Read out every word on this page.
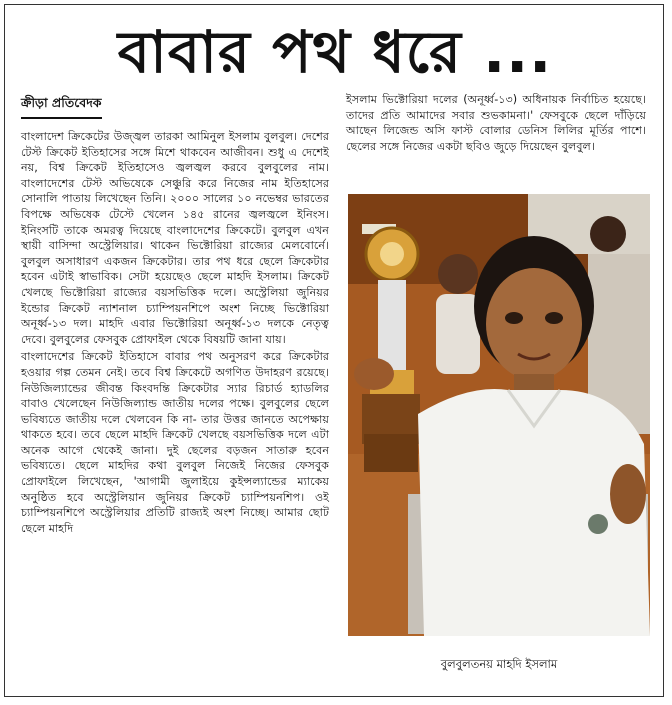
বাবার পথ ধরে ...
ক্রীড়া প্রতিবেদক

বাংলাদেশ ক্রিকেটের উজ্জ্বল তারকা আমিনুল ইসলাম বুলবুল। দেশের টেস্ট ক্রিকেট ইতিহাসের সঙ্গে মিশে থাকবেন আজীবন। শুধু এ দেশেই নয়, বিশ্ব ক্রিকেট ইতিহাসেও জ্বলজ্বল করবে বুলবুলের নাম। বাংলাদেশের টেস্ট অভিষেকে সেঞ্চুরি করে নিজের নাম ইতিহাসের সোনালি পাতায় লিখেছেন তিনি। ২০০০ সালের ১০ নভেম্বর ভারতের বিপক্ষে অভিষেক টেস্টে খেলেন ১৪৫ রানের জ্বলজ্বলে ইনিংস। ইনিংসটি তাকে অমরত্ব দিয়েছে বাংলাদেশের ক্রিকেটে। বুলবুল এখন স্থায়ী বাসিন্দা অস্ট্রেলিয়ার। থাকেন ভিক্টোরিয়া রাজ্যের মেলবোর্নে। বুলবুল অসাধারণ একজন ক্রিকেটার। তার পথ ধরে ছেলে ক্রিকেটার হবেন এটাই স্বাভাবিক। সেটা হয়েছেও ছেলে মাহদি ইসলাম। ক্রিকেট খেলছে ভিক্টোরিয়া রাজ্যের বয়সভিত্তিক দলে। অস্ট্রেলিয়া জুনিয়র ইন্ডোর ক্রিকেট ন্যাশনাল চ্যাম্পিয়নশিপে অংশ নিচ্ছে ভিক্টোরিয়া অনূর্ধ্ব-১৩ দল। মাহদি এবার ভিক্টোরিয়া অনূর্ধ্ব-১৩ দলকে নেতৃত্ব দেবে। বুলবুলের ফেসবুক প্রোফাইল থেকে বিষয়টি জানা যায়।

বাংলাদেশের ক্রিকেট ইতিহাসে বাবার পথ অনুসরণ করে ক্রিকেটার হওয়ার গল্প তেমন নেই। তবে বিশ্ব ক্রিকেটে অগণিত উদাহরণ রয়েছে। নিউজিল্যান্ডের জীবন্ত কিংবদন্তি ক্রিকেটার স্যার রিচার্ড হ্যাডলির বাবাও খেলেছেন নিউজিল্যান্ড জাতীয় দলের পক্ষে। বুলবুলের ছেলে ভবিষ্যতে জাতীয় দলে খেলবেন কি না- তার উত্তর জানতে অপেক্ষায় থাকতে হবে। তবে ছেলে মাহদি ক্রিকেট খেলছে বয়সভিত্তিক দলে এটা অনেক আগে থেকেই জানা। দুই ছেলের বড়জন সাতারু হবেন ভবিষ্যতে। ছেলে মাহদির কথা বুলবুল নিজেই নিজের ফেসবুক প্রোফাইলে লিখেছেন, 'আগামী জুলাইয়ে কুইন্সল্যান্ডের ম্যাকেয় অনুষ্ঠিত হবে অস্ট্রেলিয়ান জুনিয়র ক্রিকেট চ্যাম্পিয়নশিপ। ওই চ্যাম্পিয়নশিপে অস্ট্রেলিয়ার প্রতিটি রাজ্যই অংশ নিচ্ছে। আমার ছোট ছেলে মাহদি

ইসলাম ভিক্টোরিয়া দলের (অনূর্ধ্ব-১৩) অধিনায়ক নির্বাচিত হয়েছে। তাদের প্রতি আমাদের সবার শুভকামনা।' ফেসবুকে ছেলে দাঁড়িয়ে আছেন লিজেন্ড অসি ফাস্ট বোলার ডেনিস লিলির মূর্তির পাশে। ছেলের সঙ্গে নিজের একটা ছবিও জুড়ে দিয়েছেন বুলবুল।

বুলবুলতনয় মাহদি ইসলাম
